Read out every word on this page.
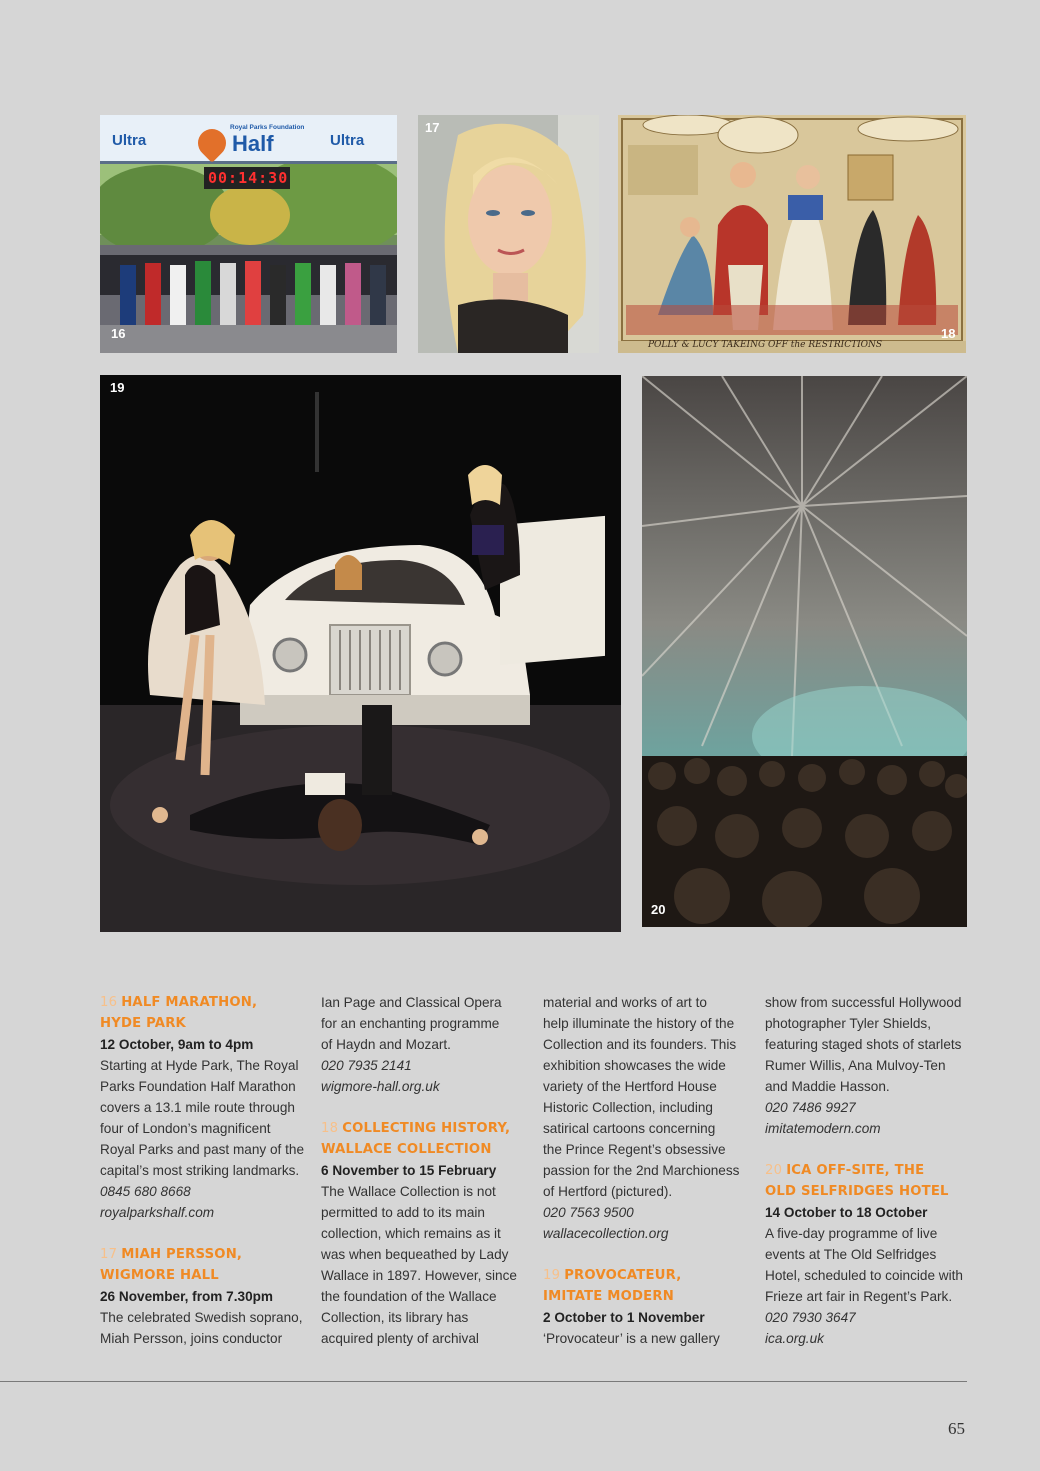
Ultra
Royal Parks Foundation
Half	Ultra
00:14:30
16
17
POLLY & LUCY TAKEING OFF the RESTRICTIONS
18
19
20
16 HALF MARATHON,
HYDE PARK

12 October, 9am to 4pm

Starting at Hyde Park, The Royal

Parks Foundation Half Marathon

covers a 13.1 mile route through

four of London’s magnificent

Royal Parks and past many of the

capital’s most striking landmarks.

0845 680 8668

royalparkshalf.com

17 MIAH PERSSON,
WIGMORE HALL

26 November, from 7.30pm

The celebrated Swedish soprano,

Miah Persson, joins conductor

Ian Page and Classical Opera

for an enchanting programme

of Haydn and Mozart.

020 7935 2141

wigmore-hall.org.uk

18 COLLECTING HISTORY,
WALLACE COLLECTION

6 November to 15 February

The Wallace Collection is not

permitted to add to its main

collection, which remains as it

was when bequeathed by Lady

Wallace in 1897. However, since

the foundation of the Wallace

Collection, its library has

acquired plenty of archival

material and works of art to

help illuminate the history of the

Collection and its founders. This

exhibition showcases the wide

variety of the Hertford House

Historic Collection, including

satirical cartoons concerning

the Prince Regent’s obsessive

passion for the 2nd Marchioness

of Hertford (pictured).

020 7563 9500

wallacecollection.org

19 PROVOCATEUR,
IMITATE MODERN

2 October to 1 November

‘Provocateur’ is a new gallery

show from successful Hollywood

photographer Tyler Shields,

featuring staged shots of starlets

Rumer Willis, Ana Mulvoy-Ten

and Maddie Hasson.

020 7486 9927

imitatemodern.com

20 ICA OFF-SITE, THE
OLD SELFRIDGES HOTEL

14 October to 18 October

A five-day programme of live

events at The Old Selfridges

Hotel, scheduled to coincide with

Frieze art fair in Regent’s Park.

020 7930 3647

ica.org.uk

65
